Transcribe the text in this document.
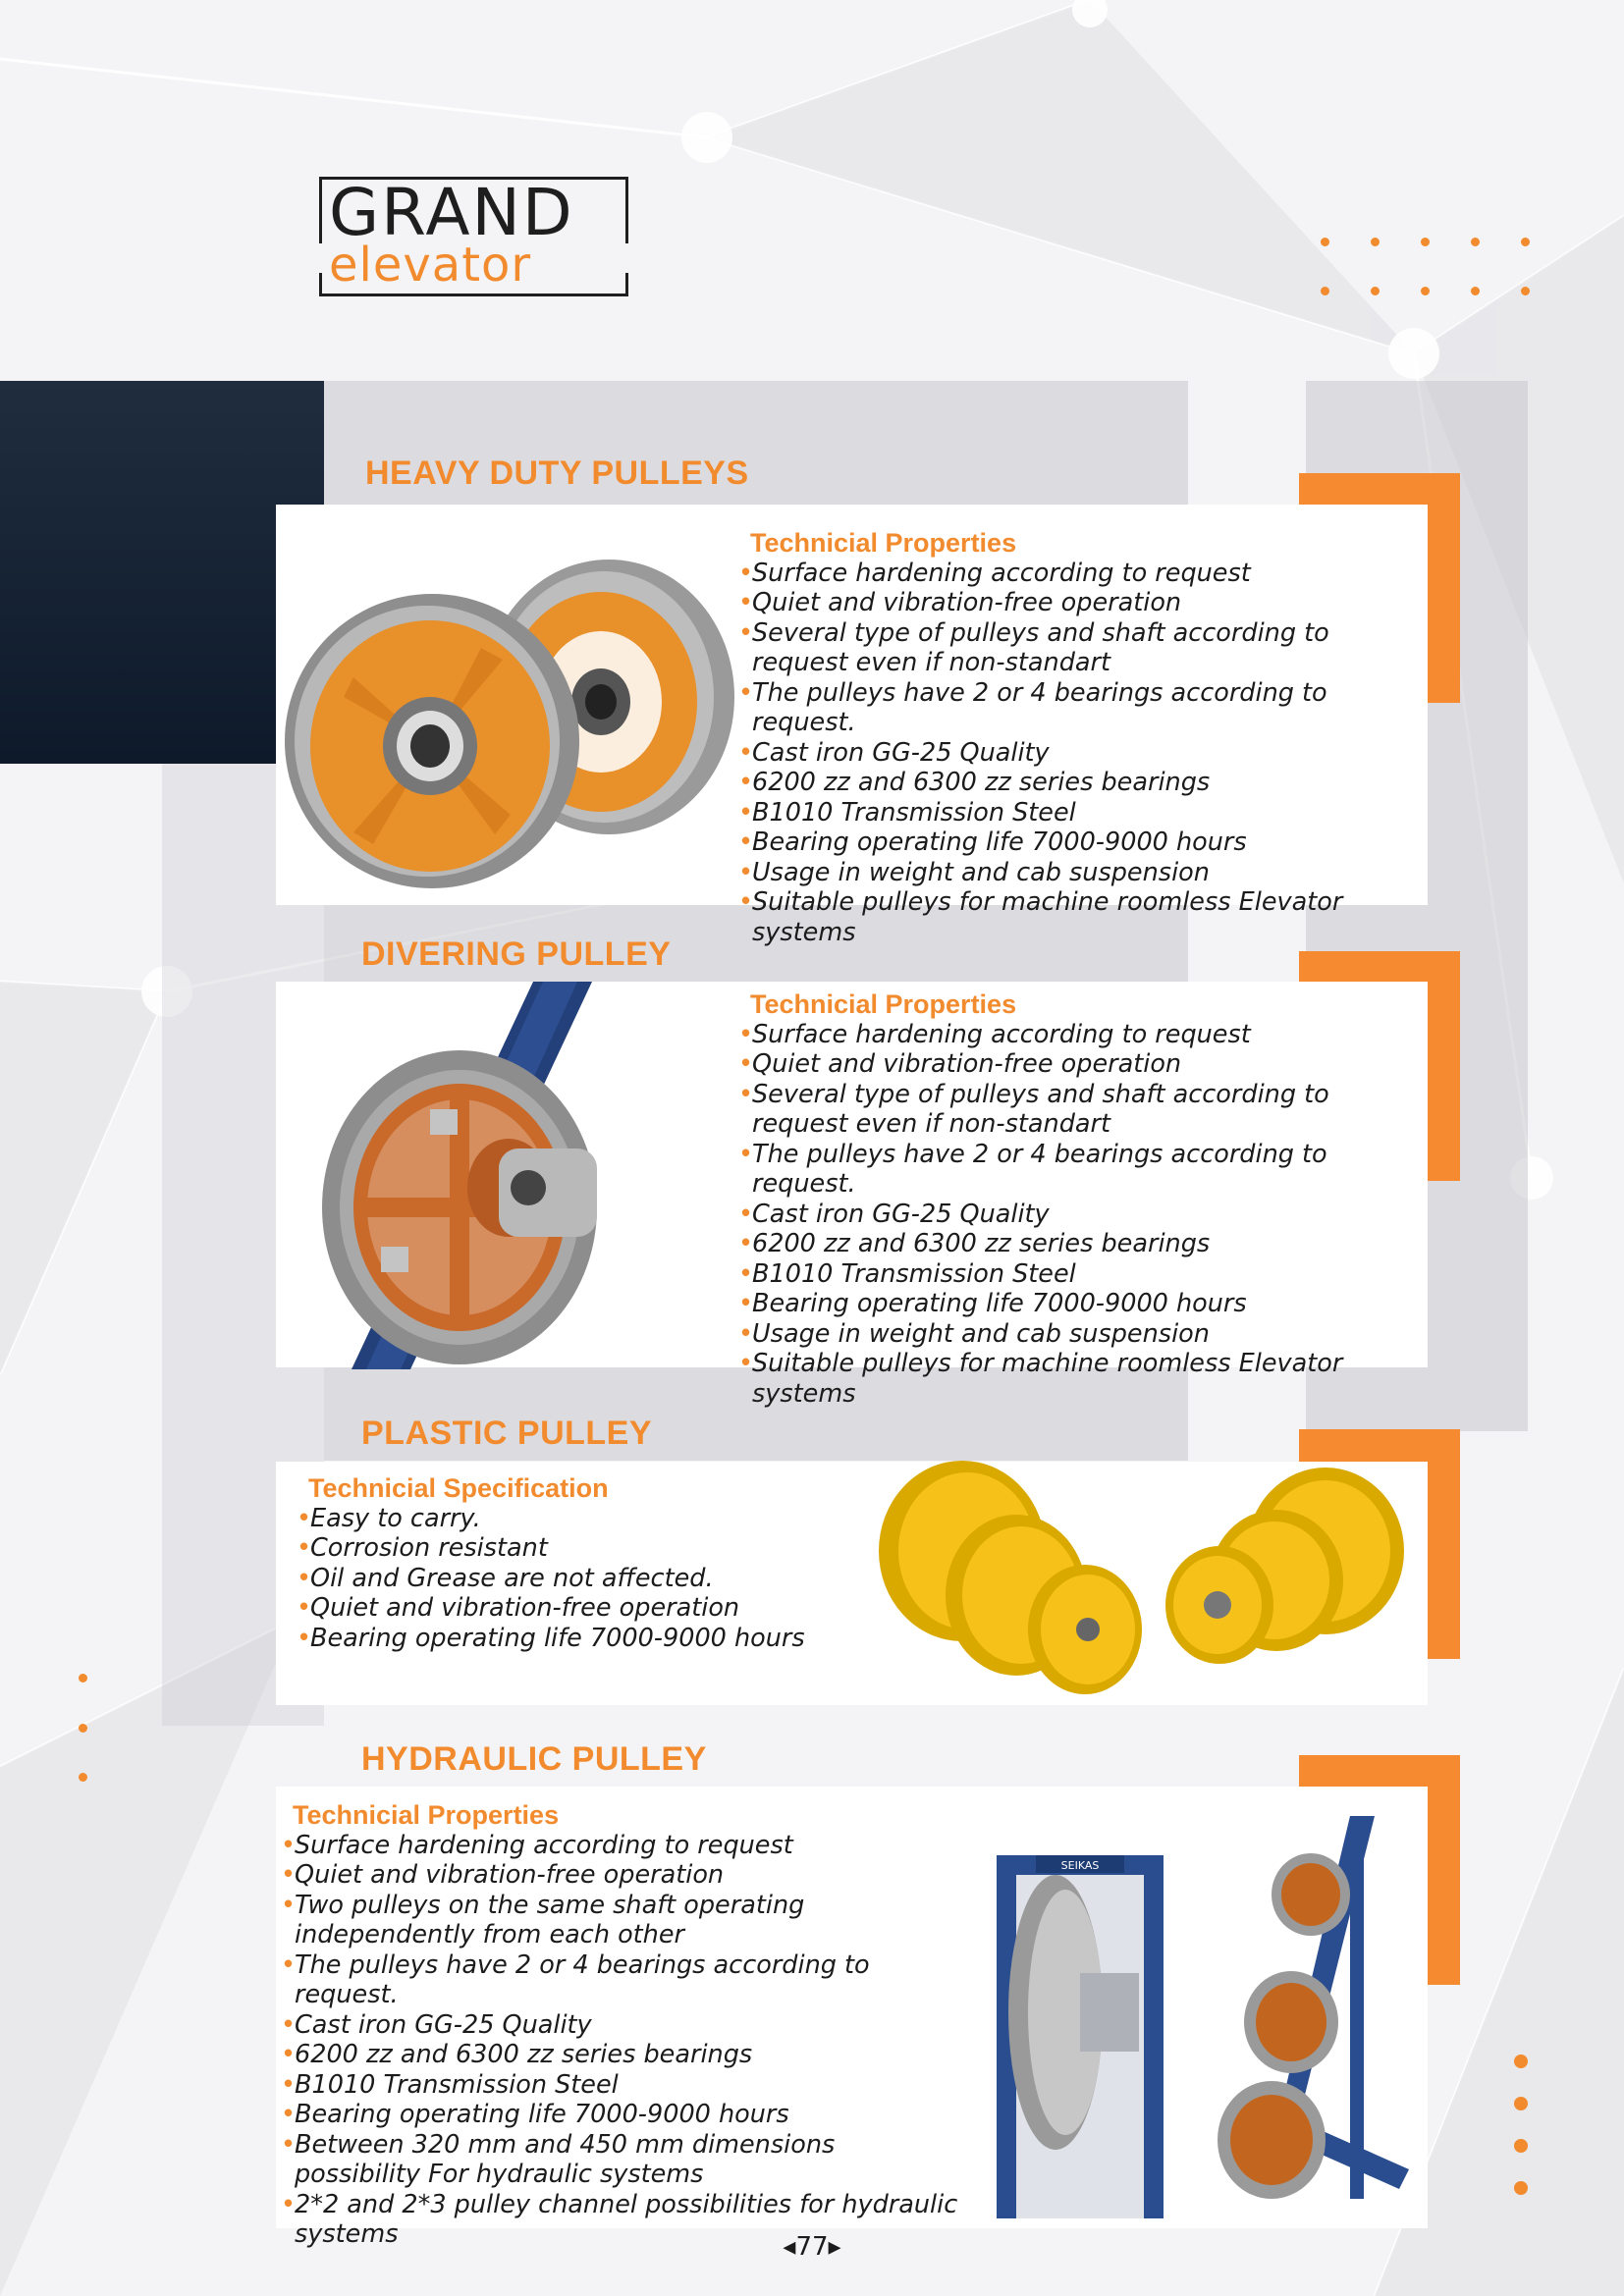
GRAND
elevator
HEAVY DUTY PULLEYS
Technicial Properties
• Surface hardening according to request
• Quiet and vibration-free operation
• Several type of pulleys and shaft according to request even if non-standart
• The pulleys have 2 or 4 bearings according to request.
• Cast iron GG-25 Quality
• 6200 zz and 6300 zz series bearings
• B1010 Transmission Steel
• Bearing operating life 7000-9000 hours
• Usage in weight and cab suspension
• Suitable pulleys for machine roomless Elevator systems
DIVERING PULLEY
Technicial Properties
• Surface hardening according to request
• Quiet and vibration-free operation
• Several type of pulleys and shaft according to request even if non-standart
• The pulleys have 2 or 4 bearings according to request.
• Cast iron GG-25 Quality
• 6200 zz and 6300 zz series bearings
• B1010 Transmission Steel
• Bearing operating life 7000-9000 hours
• Usage in weight and cab suspension
• Suitable pulleys for machine roomless Elevator systems
PLASTIC PULLEY
Technicial Specification
• Easy to carry.
• Corrosion resistant
• Oil and Grease are not affected.
• Quiet and vibration-free operation
• Bearing operating life 7000-9000 hours
HYDRAULIC PULLEY
Technicial Properties
• Surface hardening according to request
• Quiet and vibration-free operation
• Two pulleys on the same shaft operating independently from each other
• The pulleys have 2 or 4 bearings according to request.
• Cast iron GG-25 Quality
• 6200 zz and 6300 zz series bearings
• B1010 Transmission Steel
• Bearing operating life 7000-9000 hours
• Between 320 mm and 450 mm dimensions possibility For hydraulic systems
• 2*2 and 2*3 pulley channel possibilities for hydraulic systems
SEIKAS
◂77▸
